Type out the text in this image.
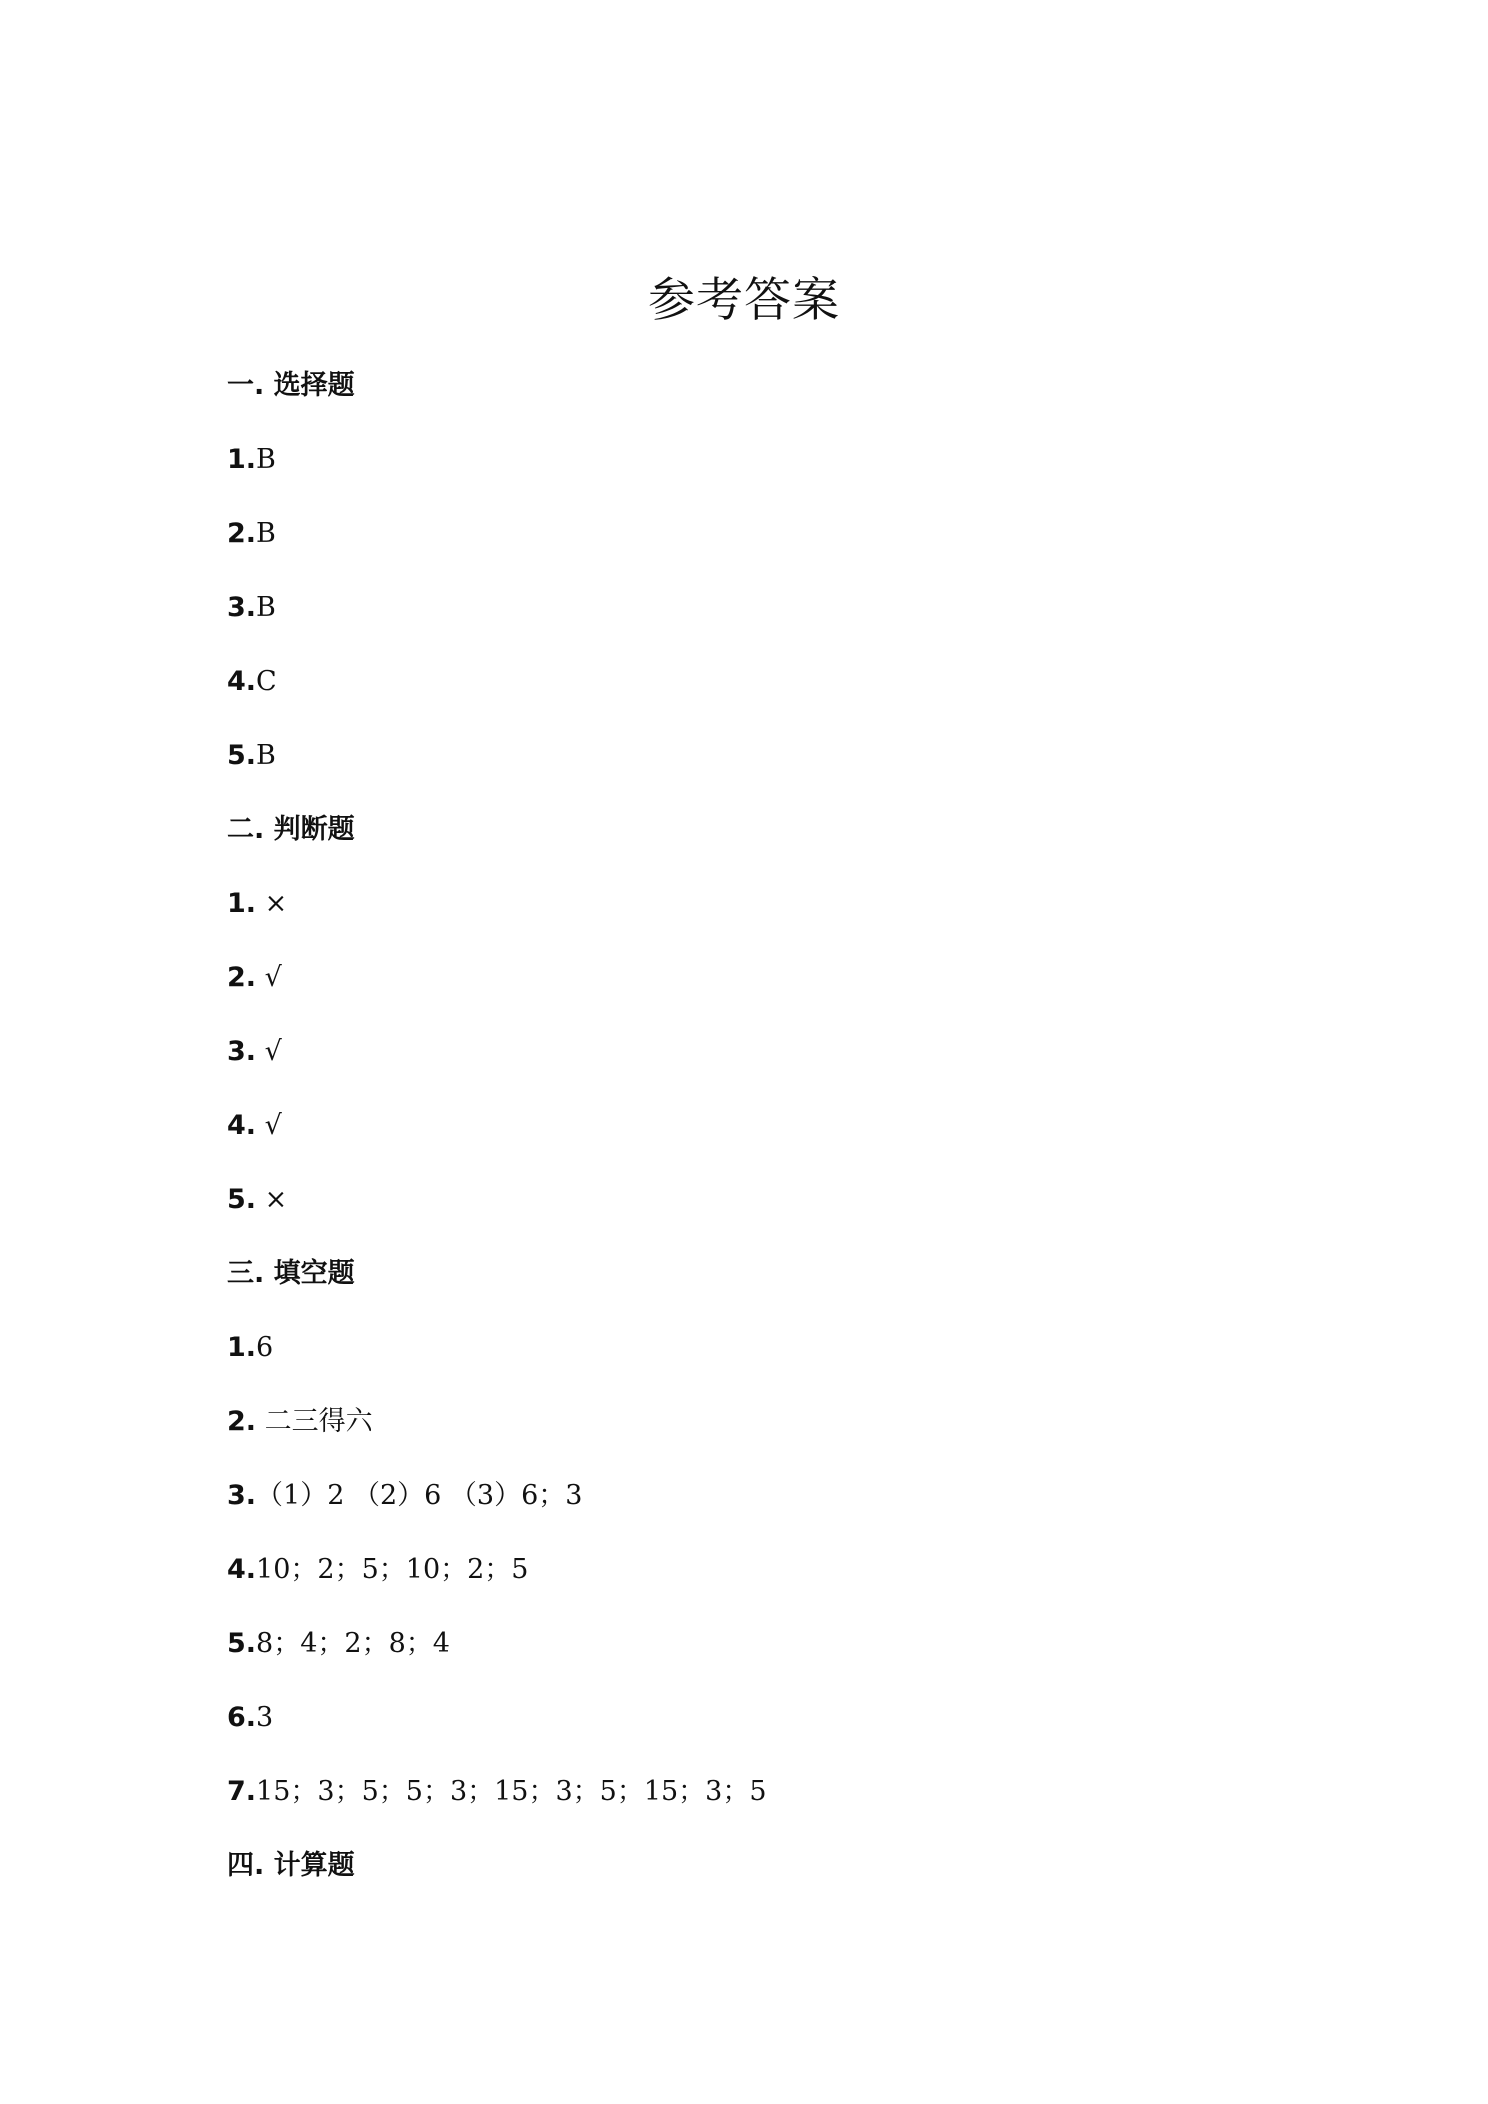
参考答案
一. 选择题
1.B
2.B
3.B
4.C
5.B
二. 判断题
1. ×
2. √
3. √
4. √
5. ×
三. 填空题
1.6
2. 二三得六
3.（1）2 （2）6 （3）6；3
4.10；2；5；10；2；5
5.8；4；2；8；4
6.3
7.15；3；5；5；3；15；3；5；15；3；5
四. 计算题
